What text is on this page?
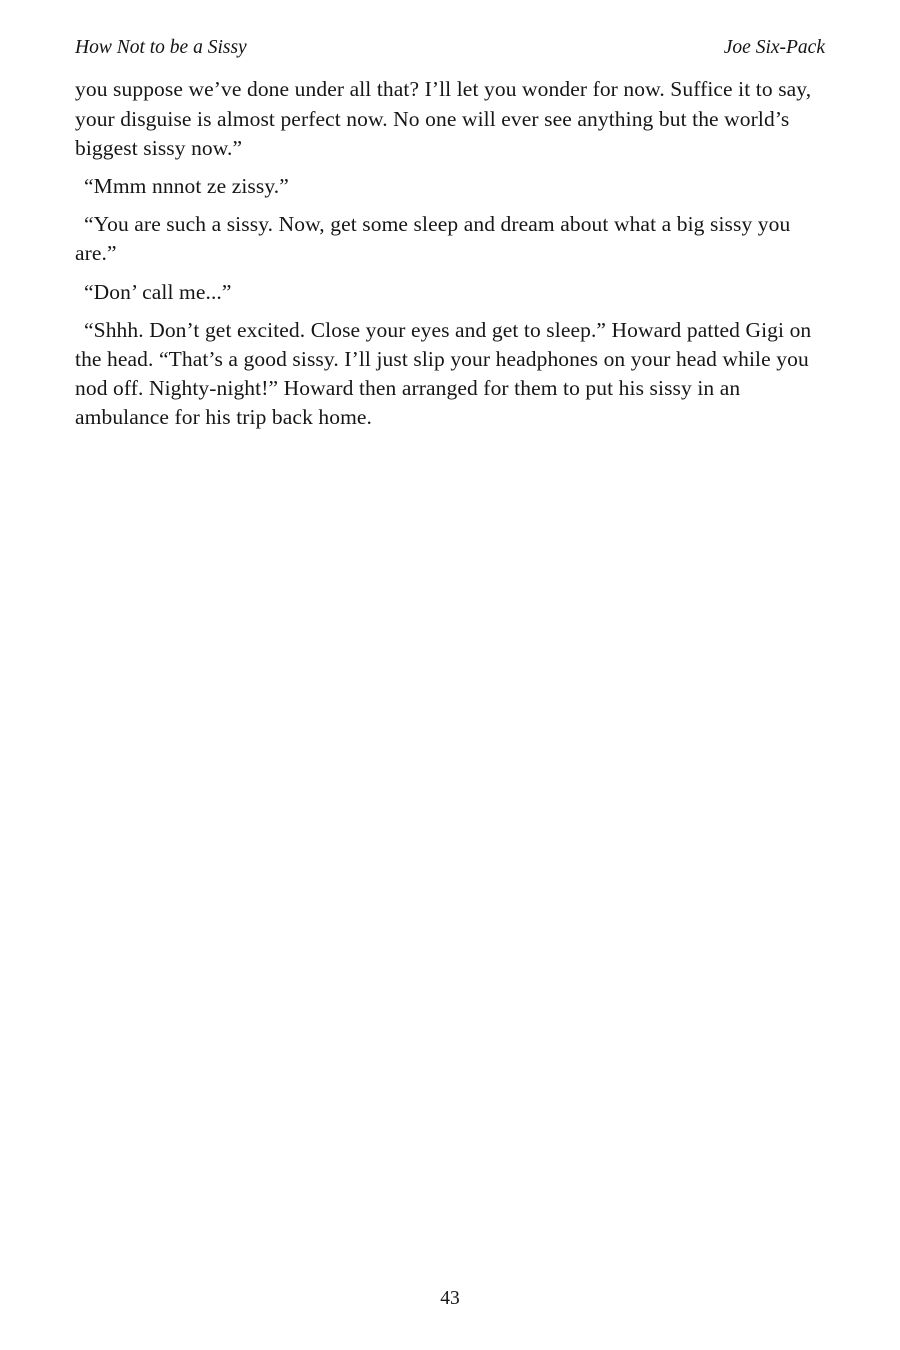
How Not to be a Sissy	Joe Six-Pack

you suppose we’ve done under all that? I’ll let you wonder for now. Suffice it to say, your disguise is almost perfect now. No one will ever see anything but the world’s biggest sissy now.”

“Mmm nnnot ze zissy.”

“You are such a sissy. Now, get some sleep and dream about what a big sissy you are.”

“Don’ call me...”

“Shhh. Don’t get excited. Close your eyes and get to sleep.” Howard patted Gigi on the head. “That’s a good sissy. I’ll just slip your headphones on your head while you nod off. Nighty-night!” Howard then arranged for them to put his sissy in an ambulance for his trip back home.

43
